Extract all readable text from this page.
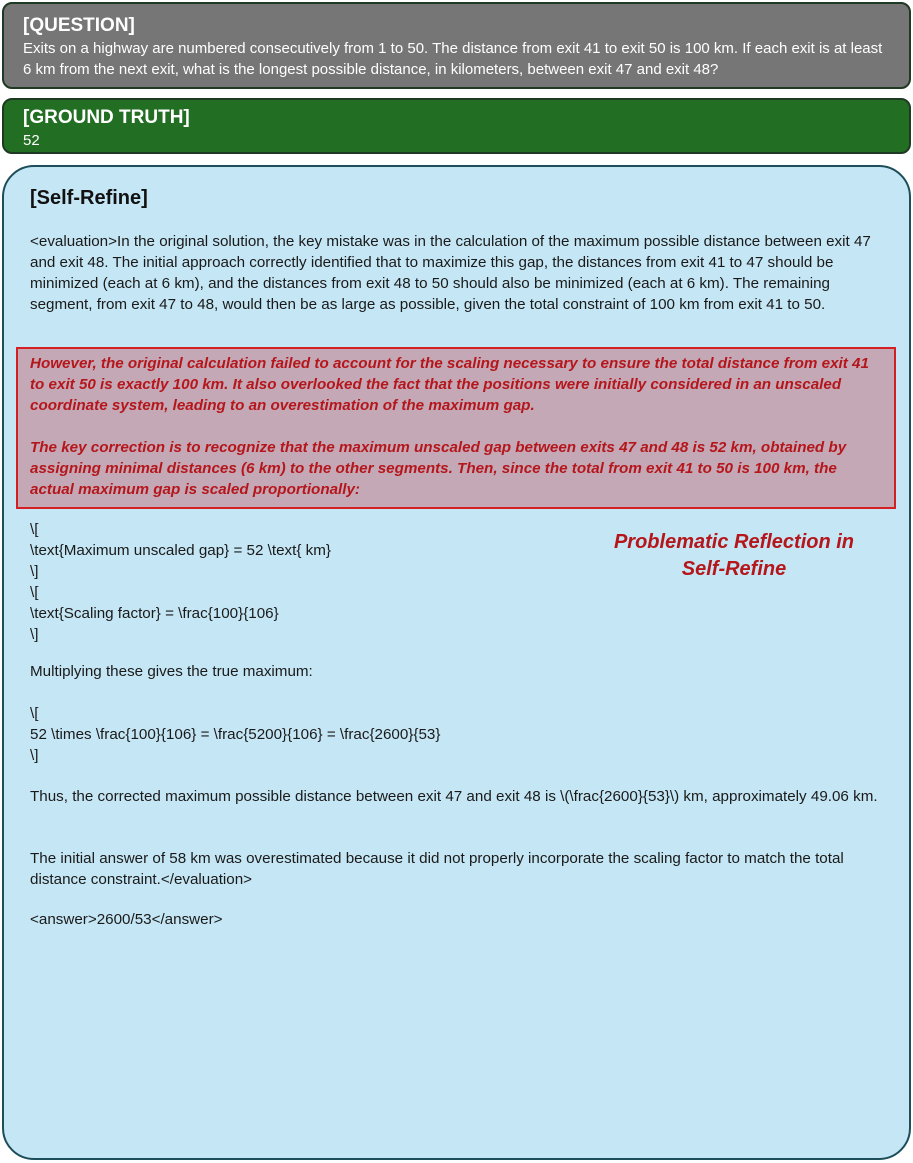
[QUESTION]

Exits on a highway are numbered consecutively from 1 to 50. The distance from exit 41 to exit 50 is 100 km. If each exit is at least 6 km from the next exit, what is the longest possible distance, in kilometers, between exit 47 and exit 48?

[GROUND TRUTH]

52

[Self-Refine]

<evaluation>In the original solution, the key mistake was in the calculation of the maximum possible distance between exit 47 and exit 48. The initial approach correctly identified that to maximize this gap, the distances from exit 41 to 47 should be minimized (each at 6 km), and the distances from exit 48 to 50 should also be minimized (each at 6 km). The remaining segment, from exit 47 to 48, would then be as large as possible, given the total constraint of 100 km from exit 41 to 50.

However, the original calculation failed to account for the scaling necessary to ensure the total distance from exit 41 to exit 50 is exactly 100 km. It also overlooked the fact that the positions were initially considered in an unscaled coordinate system, leading to an overestimation of the maximum gap.

The key correction is to recognize that the maximum unscaled gap between exits 47 and 48 is 52 km, obtained by assigning minimal distances (6 km) to the other segments. Then, since the total from exit 41 to 50 is 100 km, the actual maximum gap is scaled proportionally:

\[
\text{Maximum unscaled gap} = 52 \text{ km}
\]
\[
\text{Scaling factor} = \frac{100}{106}
\]
Problematic Reflection in
Self-Refine

Multiplying these gives the true maximum:

\[
52 \times \frac{100}{106} = \frac{5200}{106} = \frac{2600}{53}
\]

Thus, the corrected maximum possible distance between exit 47 and exit 48 is \(\frac{2600}{53}\) km, approximately 49.06 km.

The initial answer of 58 km was overestimated because it did not properly incorporate the scaling factor to match the total distance constraint.</evaluation>

<answer>2600/53</answer>
